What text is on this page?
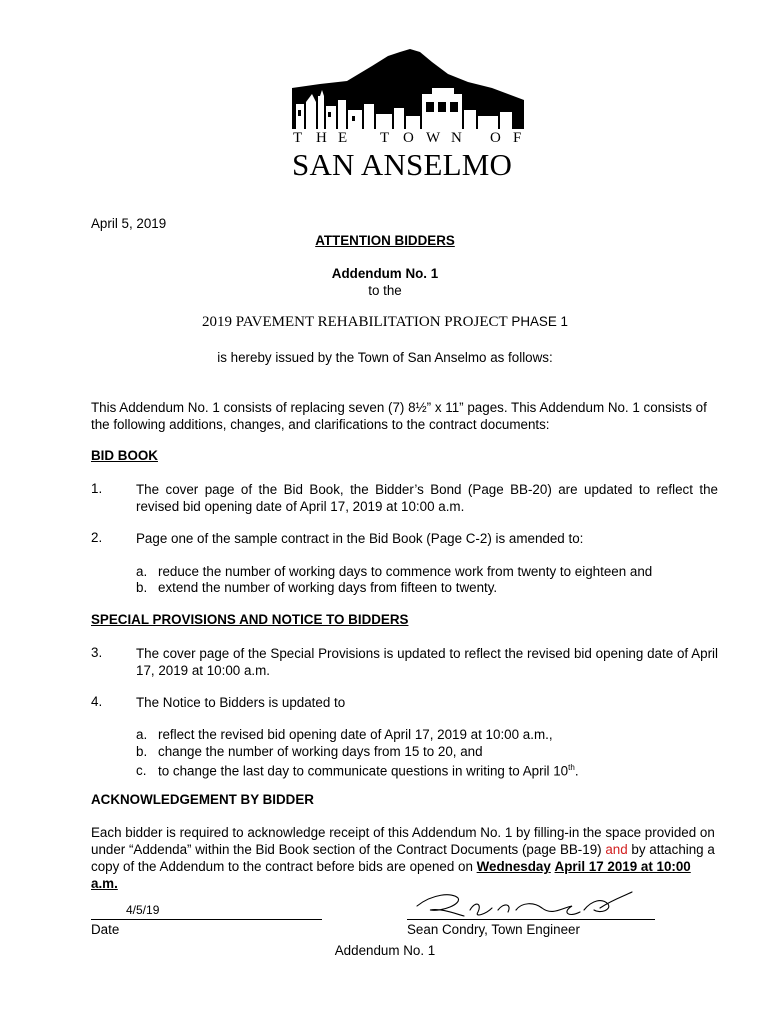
T H E T O W N O F
SAN ANSELMO
April 5, 2019
ATTENTION BIDDERS
Addendum No. 1
to the
2019 PAVEMENT REHABILITATION PROJECT PHASE 1
is hereby issued by the Town of San Anselmo as follows:
This Addendum No. 1 consists of replacing seven (7) 8½” x 11” pages. This Addendum No. 1 consists of the following additions, changes, and clarifications to the contract documents:
BID BOOK
1.	The cover page of the Bid Book, the Bidder’s Bond (Page BB-20) are updated to reflect the revised bid opening date of April 17, 2019 at 10:00 a.m.
2.	Page one of the sample contract in the Bid Book (Page C-2) is amended to:
a. reduce the number of working days to commence work from twenty to eighteen and
b. extend the number of working days from fifteen to twenty.
SPECIAL PROVISIONS AND NOTICE TO BIDDERS
3.	The cover page of the Special Provisions is updated to reflect the revised bid opening date of April 17, 2019 at 10:00 a.m.
4.	The Notice to Bidders is updated to
a. reflect the revised bid opening date of April 17, 2019 at 10:00 a.m.,
b. change the number of working days from 15 to 20, and
c. to change the last day to communicate questions in writing to April 10th.
ACKNOWLEDGEMENT BY BIDDER
Each bidder is required to acknowledge receipt of this Addendum No. 1 by filling-in the space provided on under “Addenda” within the Bid Book section of the Contract Documents (page BB-19) and by attaching a copy of the Addendum to the contract before bids are opened on Wednesday April 17 2019 at 10:00 a.m.
4/5/19
Date	Sean Condry, Town Engineer
Addendum No. 1
